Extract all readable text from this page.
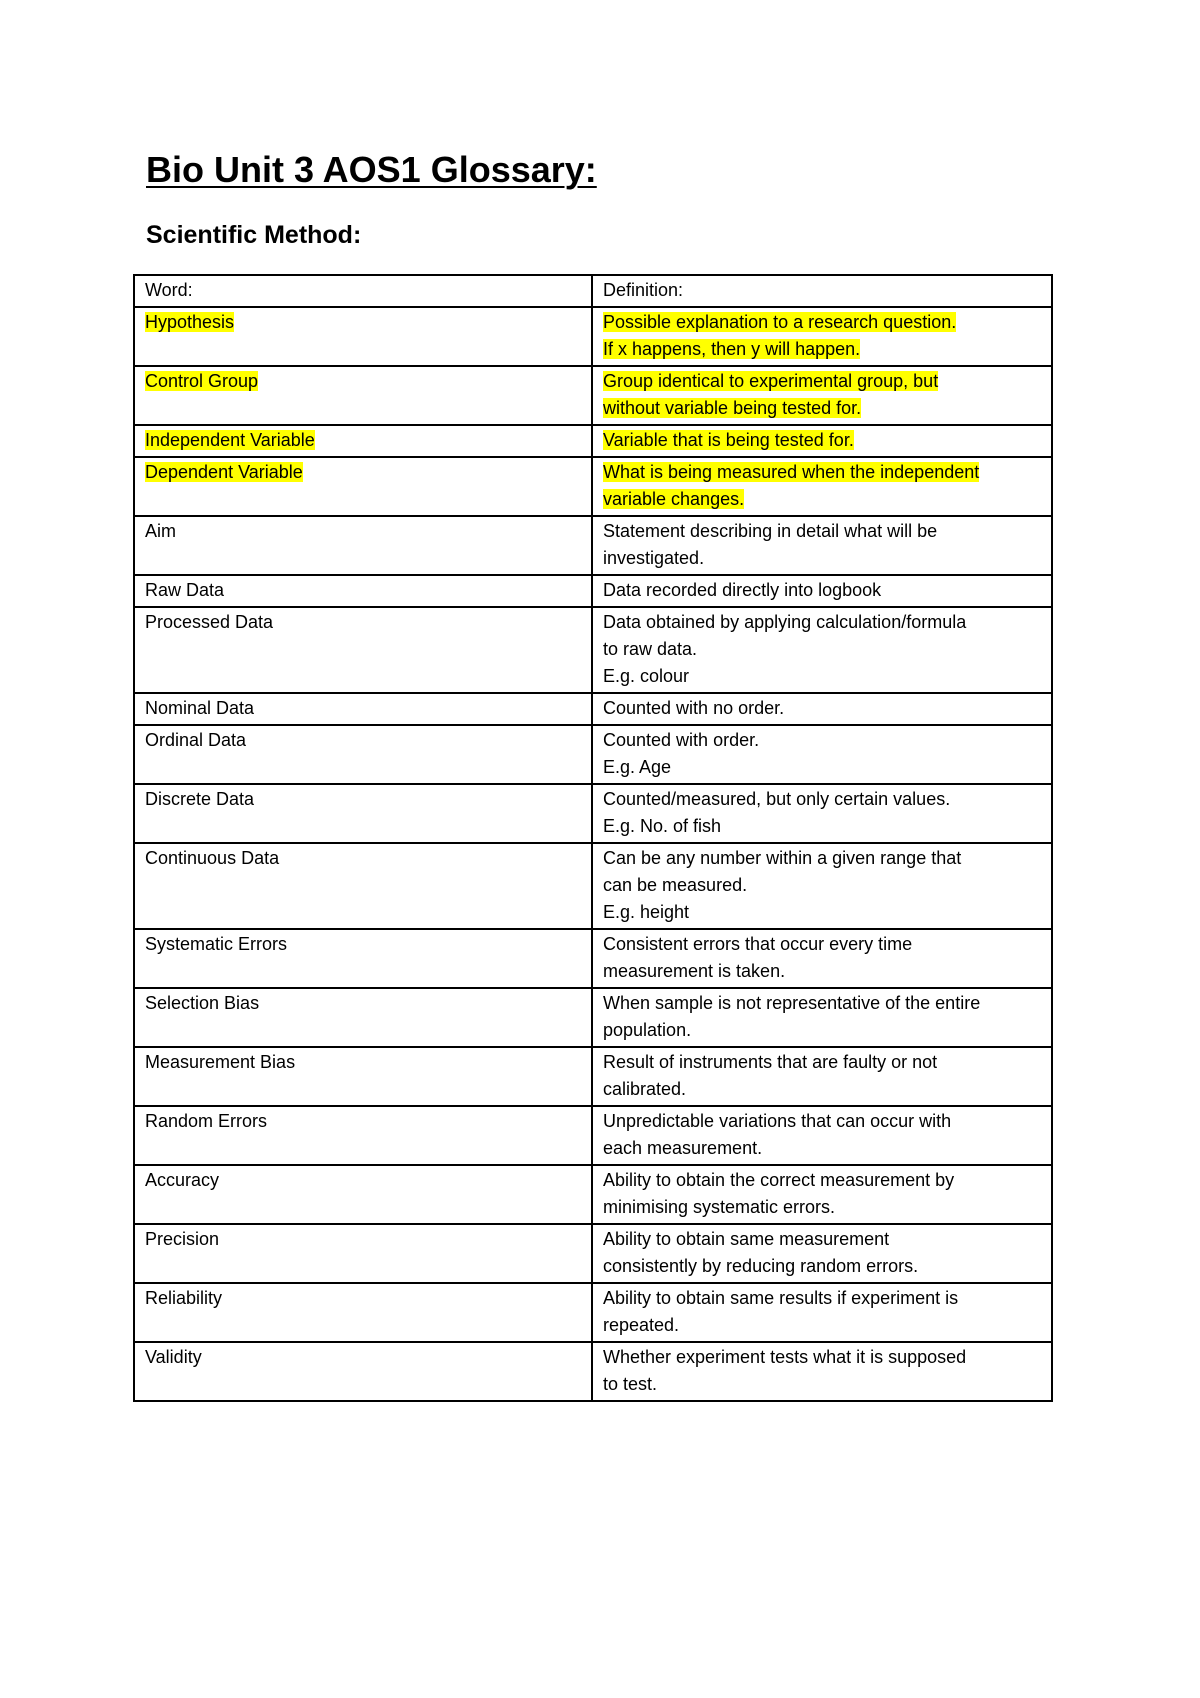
Bio Unit 3 AOS1 Glossary:
Scientific Method:
Word:	Definition:
Hypothesis	Possible explanation to a research question.
If x happens, then y will happen.
Control Group	Group identical to experimental group, but
without variable being tested for.
Independent Variable	Variable that is being tested for.
Dependent Variable	What is being measured when the independent
variable changes.
Aim	Statement describing in detail what will be
investigated.
Raw Data	Data recorded directly into logbook
Processed Data	Data obtained by applying calculation/formula
to raw data.
E.g. colour
Nominal Data	Counted with no order.
Ordinal Data	Counted with order.
E.g. Age
Discrete Data	Counted/measured, but only certain values.
E.g. No. of fish
Continuous Data	Can be any number within a given range that
can be measured.
E.g. height
Systematic Errors	Consistent errors that occur every time
measurement is taken.
Selection Bias	When sample is not representative of the entire
population.
Measurement Bias	Result of instruments that are faulty or not
calibrated.
Random Errors	Unpredictable variations that can occur with
each measurement.
Accuracy	Ability to obtain the correct measurement by
minimising systematic errors.
Precision	Ability to obtain same measurement
consistently by reducing random errors.
Reliability	Ability to obtain same results if experiment is
repeated.
Validity	Whether experiment tests what it is supposed
to test.
